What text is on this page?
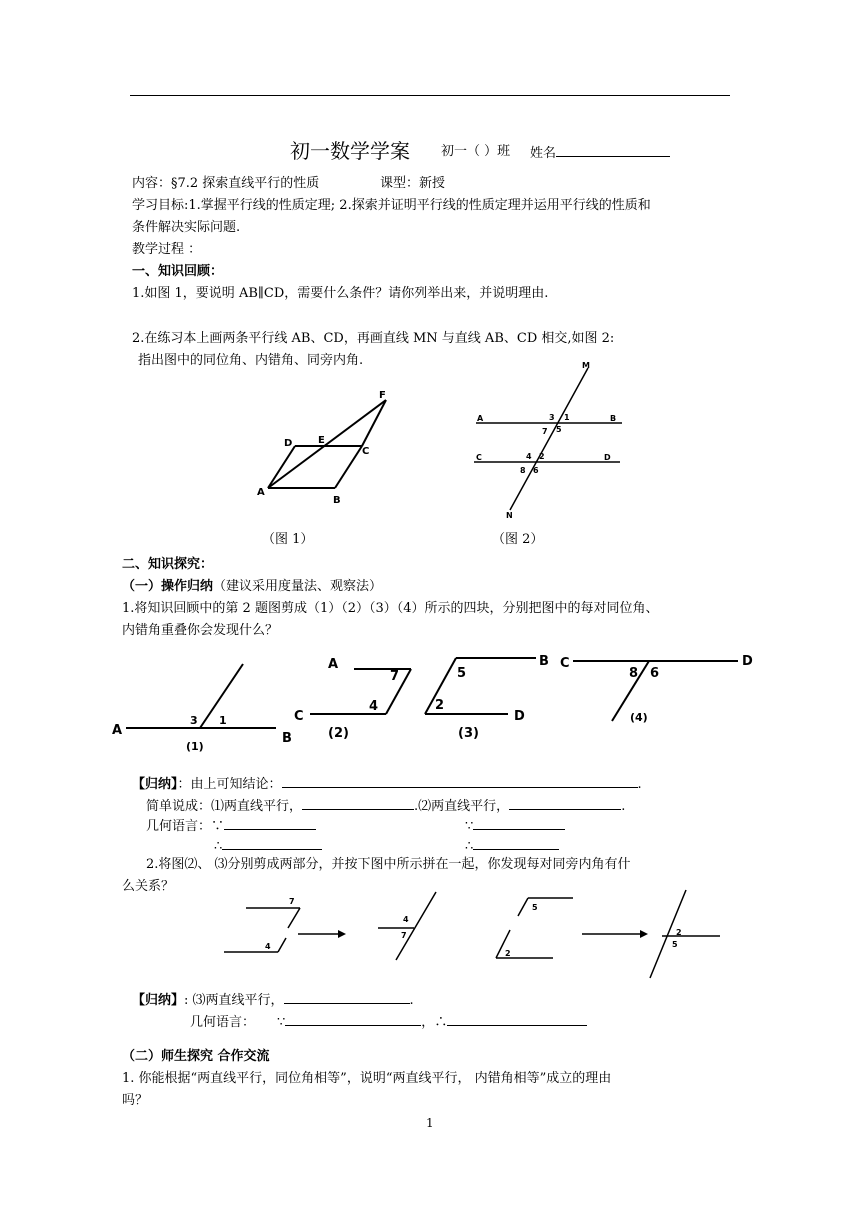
初一数学学案 初一（ ）班 姓名
内容：§7.2 探索直线平行的性质	课型：新授
学习目标:1.掌握平行线的性质定理; 2.探索并证明平行线的性质定理并运用平行线的性质和
条件解决实际问题.
教学过程 ：
一、知识回顾：
1.如图 1，要说明 AB∥CD，需要什么条件？请你列举出来，并说明理由.
2.在练习本上画两条平行线 AB、CD，再画直线 MN 与直线 AB、CD 相交,如图 2:
指出图中的同位角、内错角、同旁内角.
A
B
C
D	E
F
（图 1）
M
N
A	B
C	D
3 1
7 5
4 2
8 6
（图 2）
二、知识探究：
（一）操作归纳（建议采用度量法、观察法）
1.将知识回顾中的第 2 题图剪成（1）（2）（3）（4）所示的四块，分别把图中的每对同位角、
内错角重叠你会发现什么？
A
B
3 1
(1)
A
C
7
4
(2)
B
D
5
2
(3)
C	D
8 6
(4)
【归纳】：由上可知结论：	.
简单说成：⑴两直线平行，	.⑵两直线平行，	.
几何语言：∵
∴
∵
∴
2.将图⑵、 ⑶分别剪成两部分，并按下图中所示拼在一起，你发现每对同旁内角有什
么关系？
7
4
4
7
5
2
2
5
【归纳】: ⑶两直线平行，	.
几何语言： ∵	，∴
（二）师生探究 合作交流
1. 你能根据“两直线平行，同位角相等”，说明“两直线平行， 内错角相等”成立的理由
吗？
1
